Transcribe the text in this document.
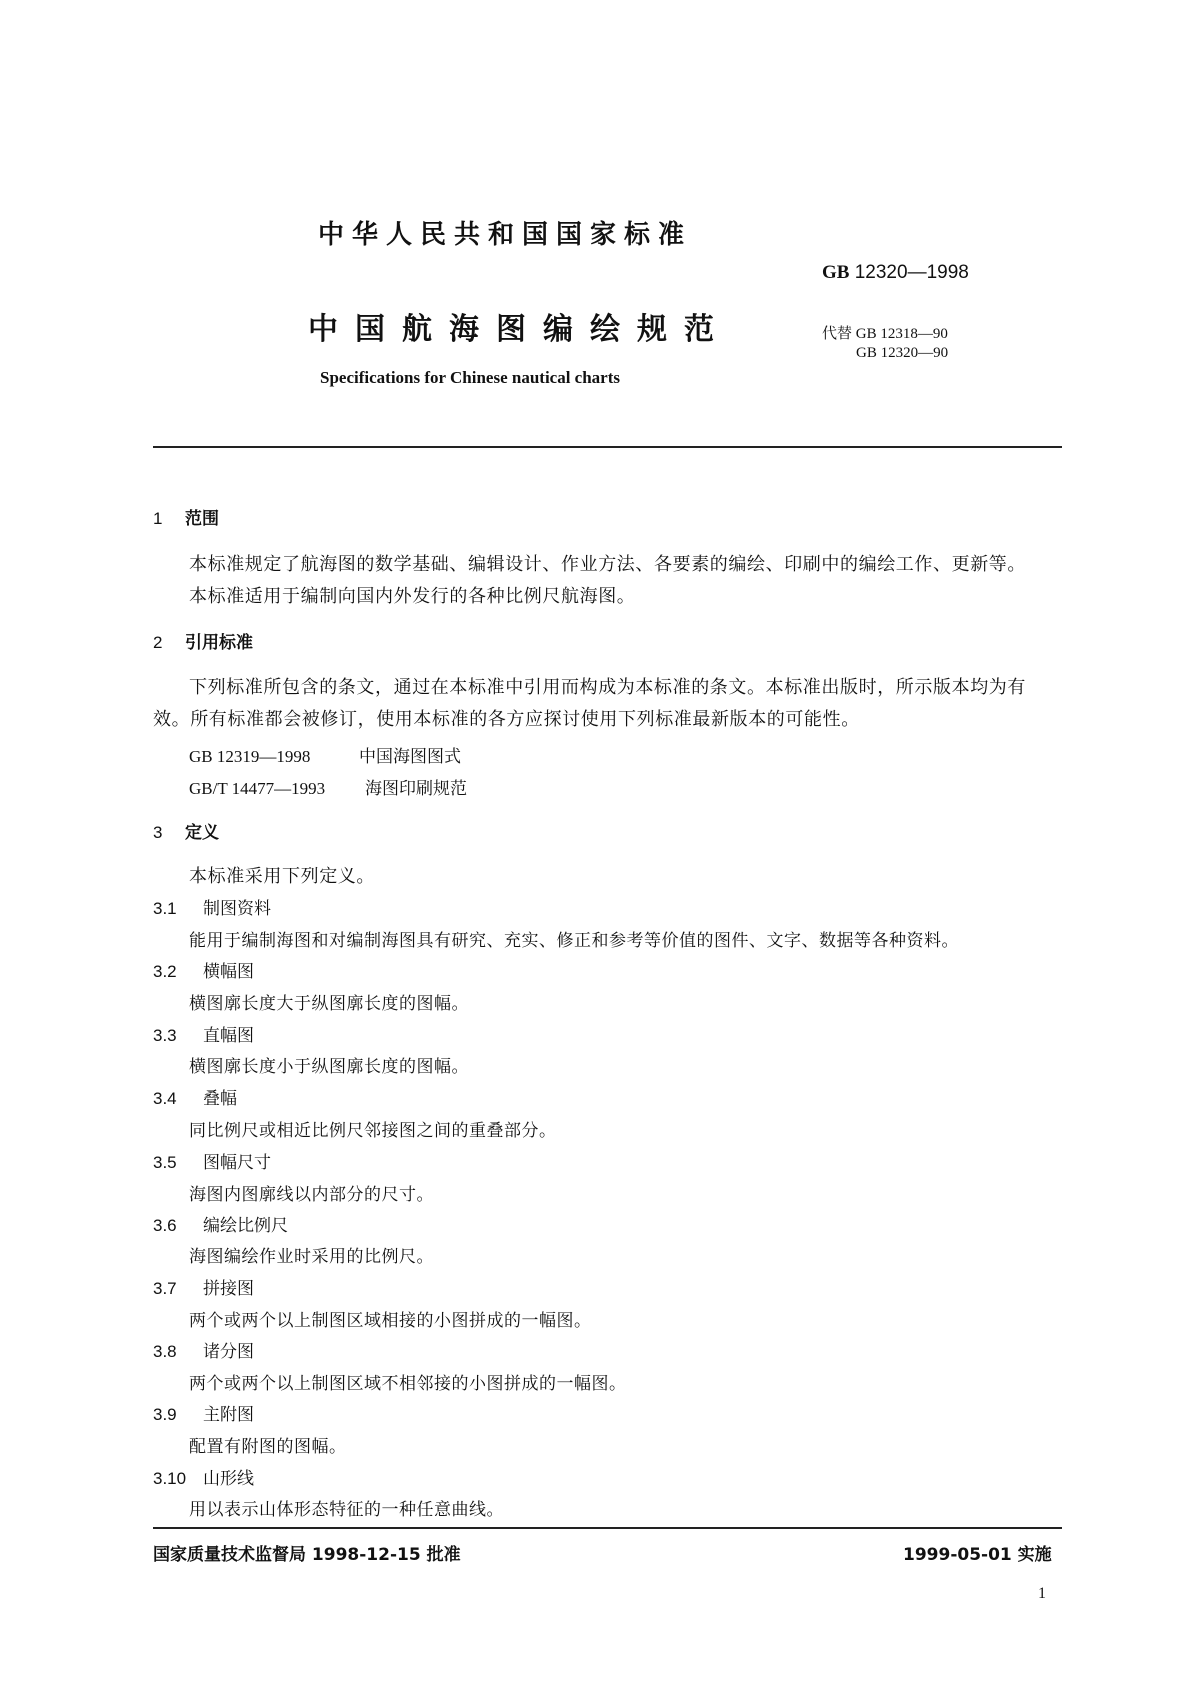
中华人民共和国国家标准
GB 12320—1998
中国航海图编绘规范	代替 GB 12318—90
GB 12320—90
Specifications for Chinese nautical charts
1 范围
本标准规定了航海图的数学基础、编辑设计、作业方法、各要素的编绘、印刷中的编绘工作、更新等。
本标准适用于编制向国内外发行的各种比例尺航海图。
2 引用标准
下列标准所包含的条文，通过在本标准中引用而构成为本标准的条文。本标准出版时，所示版本均为有效。所有标准都会被修订，使用本标准的各方应探讨使用下列标准最新版本的可能性。
GB 12319—1998	中国海图图式
GB/T 14477—1993 海图印刷规范
3 定义
本标准采用下列定义。
3.1 制图资料
能用于编制海图和对编制海图具有研究、充实、修正和参考等价值的图件、文字、数据等各种资料。
3.2 横幅图
横图廓长度大于纵图廓长度的图幅。
3.3 直幅图
横图廓长度小于纵图廓长度的图幅。
3.4 叠幅
同比例尺或相近比例尺邻接图之间的重叠部分。
3.5 图幅尺寸
海图内图廓线以内部分的尺寸。
3.6 编绘比例尺
海图编绘作业时采用的比例尺。
3.7 拼接图
两个或两个以上制图区域相接的小图拼成的一幅图。
3.8 诸分图
两个或两个以上制图区域不相邻接的小图拼成的一幅图。
3.9 主附图
配置有附图的图幅。
3.10 山形线
用以表示山体形态特征的一种任意曲线。
国家质量技术监督局 1998-12-15 批准	1999-05-01 实施
1
